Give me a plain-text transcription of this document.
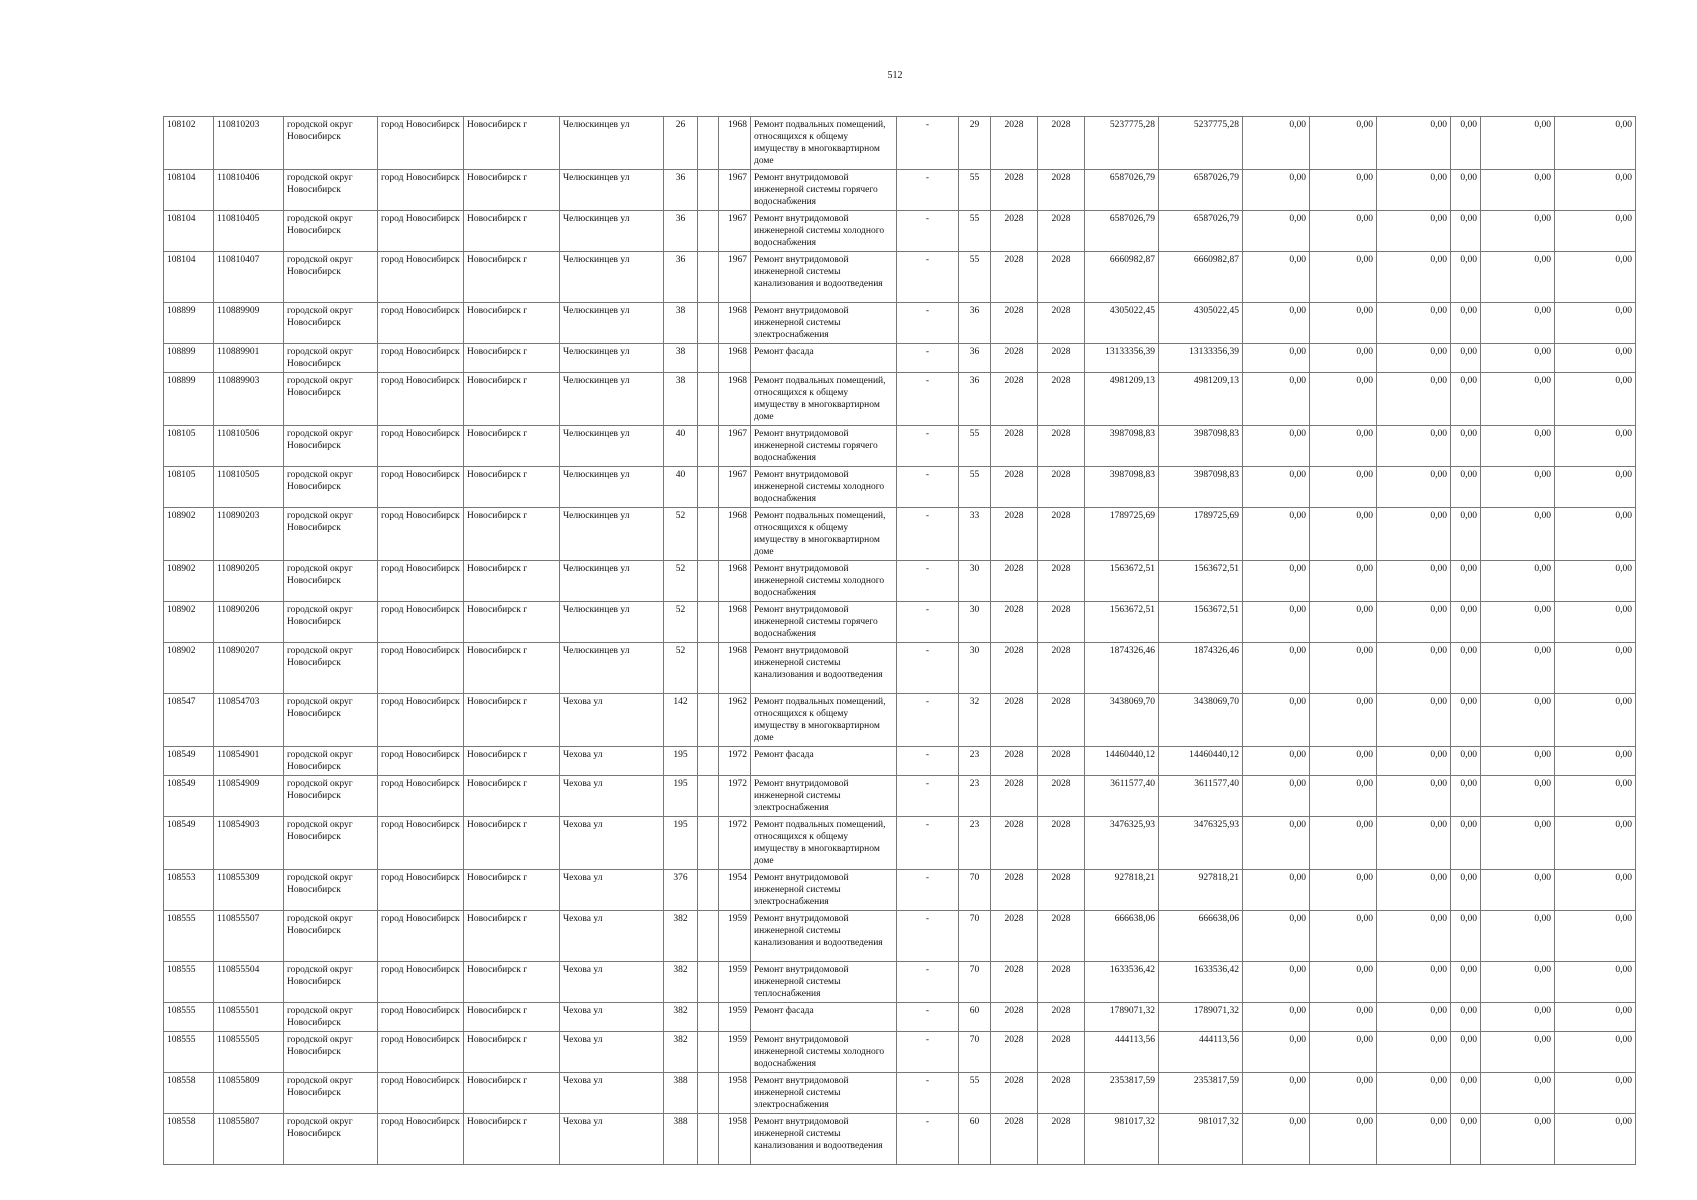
512
108102	110810203	городской округ Новосибирск	город Новосибирск	Новосибирск г	Челюскинцев ул	26		1968	Ремонт подвальных помещений, относящихся к общему имуществу в многоквартирном доме	-	29	2028	2028	5237775,28	5237775,28	0,00	0,00	0,00	0,00	0,00	0,00
108104	110810406	городской округ Новосибирск	город Новосибирск	Новосибирск г	Челюскинцев ул	36		1967	Ремонт внутридомовой инженерной системы горячего водоснабжения	-	55	2028	2028	6587026,79	6587026,79	0,00	0,00	0,00	0,00	0,00	0,00
108104	110810405	городской округ Новосибирск	город Новосибирск	Новосибирск г	Челюскинцев ул	36		1967	Ремонт внутридомовой инженерной системы холодного водоснабжения	-	55	2028	2028	6587026,79	6587026,79	0,00	0,00	0,00	0,00	0,00	0,00
108104	110810407	городской округ Новосибирск	город Новосибирск	Новосибирск г	Челюскинцев ул	36		1967	Ремонт внутридомовой инженерной системы канализования и водоотведения	-	55	2028	2028	6660982,87	6660982,87	0,00	0,00	0,00	0,00	0,00	0,00
108899	110889909	городской округ Новосибирск	город Новосибирск	Новосибирск г	Челюскинцев ул	38		1968	Ремонт внутридомовой инженерной системы электроснабжения	-	36	2028	2028	4305022,45	4305022,45	0,00	0,00	0,00	0,00	0,00	0,00
108899	110889901	городской округ Новосибирск	город Новосибирск	Новосибирск г	Челюскинцев ул	38		1968	Ремонт фасада	-	36	2028	2028	13133356,39	13133356,39	0,00	0,00	0,00	0,00	0,00	0,00
108899	110889903	городской округ Новосибирск	город Новосибирск	Новосибирск г	Челюскинцев ул	38		1968	Ремонт подвальных помещений, относящихся к общему имуществу в многоквартирном доме	-	36	2028	2028	4981209,13	4981209,13	0,00	0,00	0,00	0,00	0,00	0,00
108105	110810506	городской округ Новосибирск	город Новосибирск	Новосибирск г	Челюскинцев ул	40		1967	Ремонт внутридомовой инженерной системы горячего водоснабжения	-	55	2028	2028	3987098,83	3987098,83	0,00	0,00	0,00	0,00	0,00	0,00
108105	110810505	городской округ Новосибирск	город Новосибирск	Новосибирск г	Челюскинцев ул	40		1967	Ремонт внутридомовой инженерной системы холодного водоснабжения	-	55	2028	2028	3987098,83	3987098,83	0,00	0,00	0,00	0,00	0,00	0,00
108902	110890203	городской округ Новосибирск	город Новосибирск	Новосибирск г	Челюскинцев ул	52		1968	Ремонт подвальных помещений, относящихся к общему имуществу в многоквартирном доме	-	33	2028	2028	1789725,69	1789725,69	0,00	0,00	0,00	0,00	0,00	0,00
108902	110890205	городской округ Новосибирск	город Новосибирск	Новосибирск г	Челюскинцев ул	52		1968	Ремонт внутридомовой инженерной системы холодного водоснабжения	-	30	2028	2028	1563672,51	1563672,51	0,00	0,00	0,00	0,00	0,00	0,00
108902	110890206	городской округ Новосибирск	город Новосибирск	Новосибирск г	Челюскинцев ул	52		1968	Ремонт внутридомовой инженерной системы горячего водоснабжения	-	30	2028	2028	1563672,51	1563672,51	0,00	0,00	0,00	0,00	0,00	0,00
108902	110890207	городской округ Новосибирск	город Новосибирск	Новосибирск г	Челюскинцев ул	52		1968	Ремонт внутридомовой инженерной системы канализования и водоотведения	-	30	2028	2028	1874326,46	1874326,46	0,00	0,00	0,00	0,00	0,00	0,00
108547	110854703	городской округ Новосибирск	город Новосибирск	Новосибирск г	Чехова ул	142		1962	Ремонт подвальных помещений, относящихся к общему имуществу в многоквартирном доме	-	32	2028	2028	3438069,70	3438069,70	0,00	0,00	0,00	0,00	0,00	0,00
108549	110854901	городской округ Новосибирск	город Новосибирск	Новосибирск г	Чехова ул	195		1972	Ремонт фасада	-	23	2028	2028	14460440,12	14460440,12	0,00	0,00	0,00	0,00	0,00	0,00
108549	110854909	городской округ Новосибирск	город Новосибирск	Новосибирск г	Чехова ул	195		1972	Ремонт внутридомовой инженерной системы электроснабжения	-	23	2028	2028	3611577,40	3611577,40	0,00	0,00	0,00	0,00	0,00	0,00
108549	110854903	городской округ Новосибирск	город Новосибирск	Новосибирск г	Чехова ул	195		1972	Ремонт подвальных помещений, относящихся к общему имуществу в многоквартирном доме	-	23	2028	2028	3476325,93	3476325,93	0,00	0,00	0,00	0,00	0,00	0,00
108553	110855309	городской округ Новосибирск	город Новосибирск	Новосибирск г	Чехова ул	376		1954	Ремонт внутридомовой инженерной системы электроснабжения	-	70	2028	2028	927818,21	927818,21	0,00	0,00	0,00	0,00	0,00	0,00
108555	110855507	городской округ Новосибирск	город Новосибирск	Новосибирск г	Чехова ул	382		1959	Ремонт внутридомовой инженерной системы канализования и водоотведения	-	70	2028	2028	666638,06	666638,06	0,00	0,00	0,00	0,00	0,00	0,00
108555	110855504	городской округ Новосибирск	город Новосибирск	Новосибирск г	Чехова ул	382		1959	Ремонт внутридомовой инженерной системы теплоснабжения	-	70	2028	2028	1633536,42	1633536,42	0,00	0,00	0,00	0,00	0,00	0,00
108555	110855501	городской округ Новосибирск	город Новосибирск	Новосибирск г	Чехова ул	382		1959	Ремонт фасада	-	60	2028	2028	1789071,32	1789071,32	0,00	0,00	0,00	0,00	0,00	0,00
108555	110855505	городской округ Новосибирск	город Новосибирск	Новосибирск г	Чехова ул	382		1959	Ремонт внутридомовой инженерной системы холодного водоснабжения	-	70	2028	2028	444113,56	444113,56	0,00	0,00	0,00	0,00	0,00	0,00
108558	110855809	городской округ Новосибирск	город Новосибирск	Новосибирск г	Чехова ул	388		1958	Ремонт внутридомовой инженерной системы электроснабжения	-	55	2028	2028	2353817,59	2353817,59	0,00	0,00	0,00	0,00	0,00	0,00
108558	110855807	городской округ Новосибирск	город Новосибирск	Новосибирск г	Чехова ул	388		1958	Ремонт внутридомовой инженерной системы канализования и водоотведения	-	60	2028	2028	981017,32	981017,32	0,00	0,00	0,00	0,00	0,00	0,00
